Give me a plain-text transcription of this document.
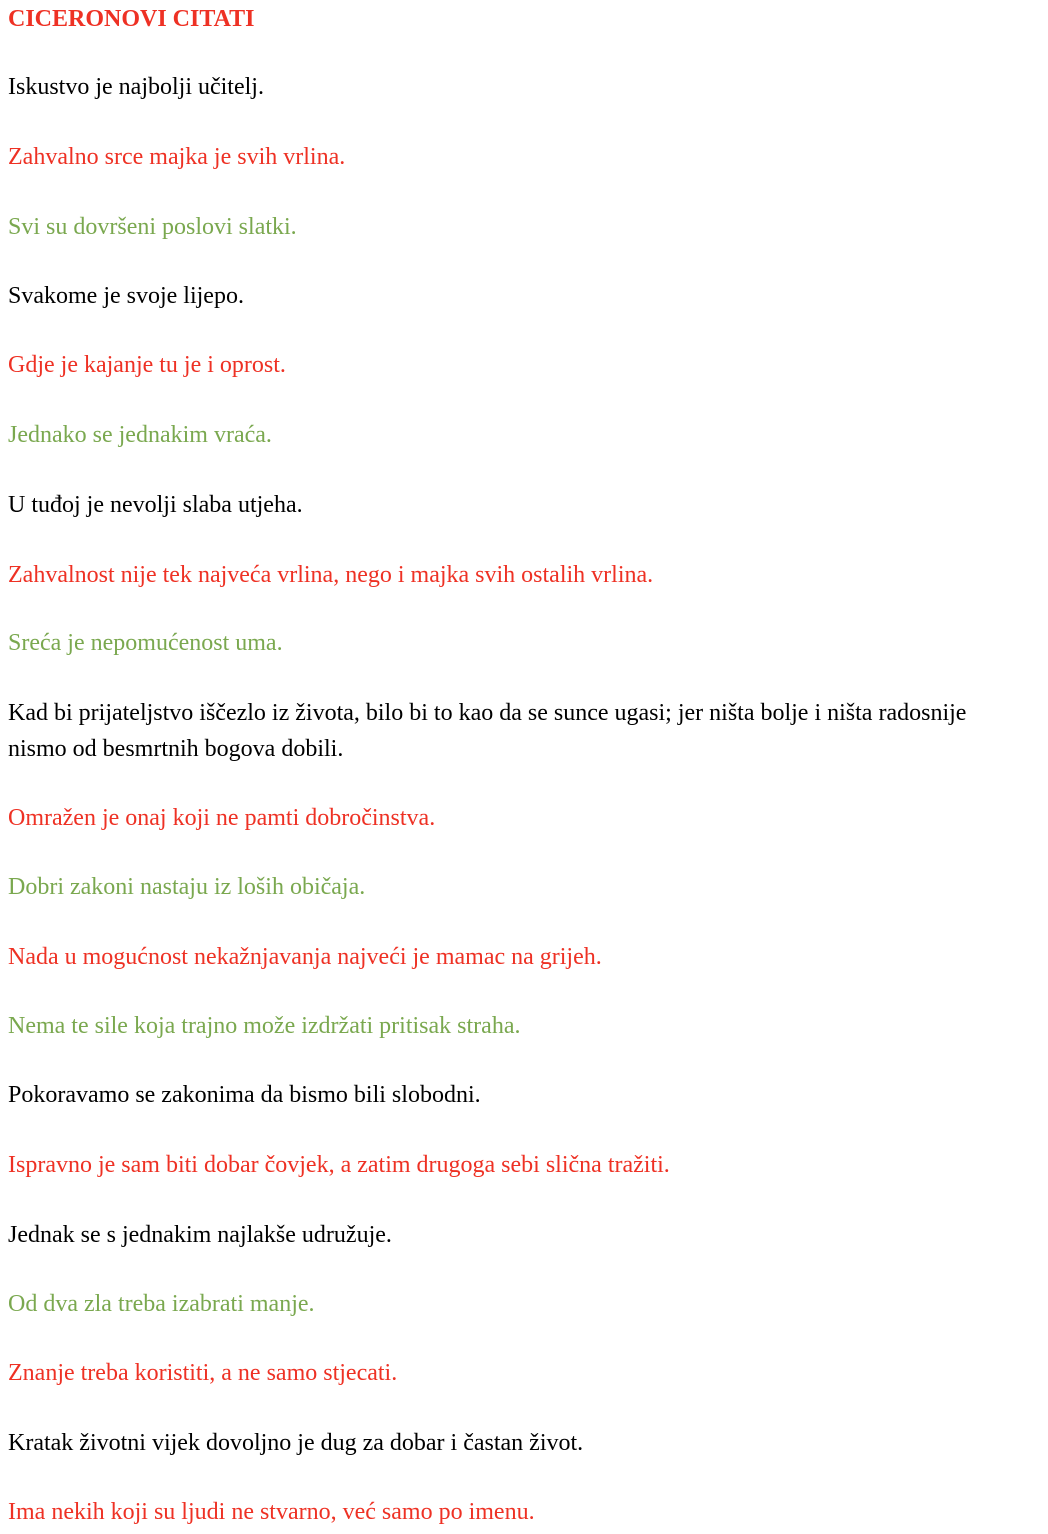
CICERONOVI CITATI

Iskustvo je najbolji učitelj.

Zahvalno srce majka je svih vrlina.

Svi su dovršeni poslovi slatki.

Svakome je svoje lijepo.

Gdje je kajanje tu je i oprost.

Jednako se jednakim vraća.

U tuđoj je nevolji slaba utjeha.

Zahvalnost nije tek najveća vrlina, nego i majka svih ostalih vrlina.

Sreća je nepomućenost uma.

Kad bi prijateljstvo iščezlo iz života, bilo bi to kao da se sunce ugasi; jer ništa bolje i ništa radosnije nismo od besmrtnih bogova dobili.

Omražen je onaj koji ne pamti dobročinstva.

Dobri zakoni nastaju iz loših običaja.

Nada u mogućnost nekažnjavanja najveći je mamac na grijeh.

Nema te sile koja trajno može izdržati pritisak straha.

Pokoravamo se zakonima da bismo bili slobodni.

Ispravno je sam biti dobar čovjek, a zatim drugoga sebi slična tražiti.

Jednak se s jednakim najlakše udružuje.

Od dva zla treba izabrati manje.

Znanje treba koristiti, a ne samo stjecati.

Kratak životni vijek dovoljno je dug za dobar i častan život.

Ima nekih koji su ljudi ne stvarno, već samo po imenu.
